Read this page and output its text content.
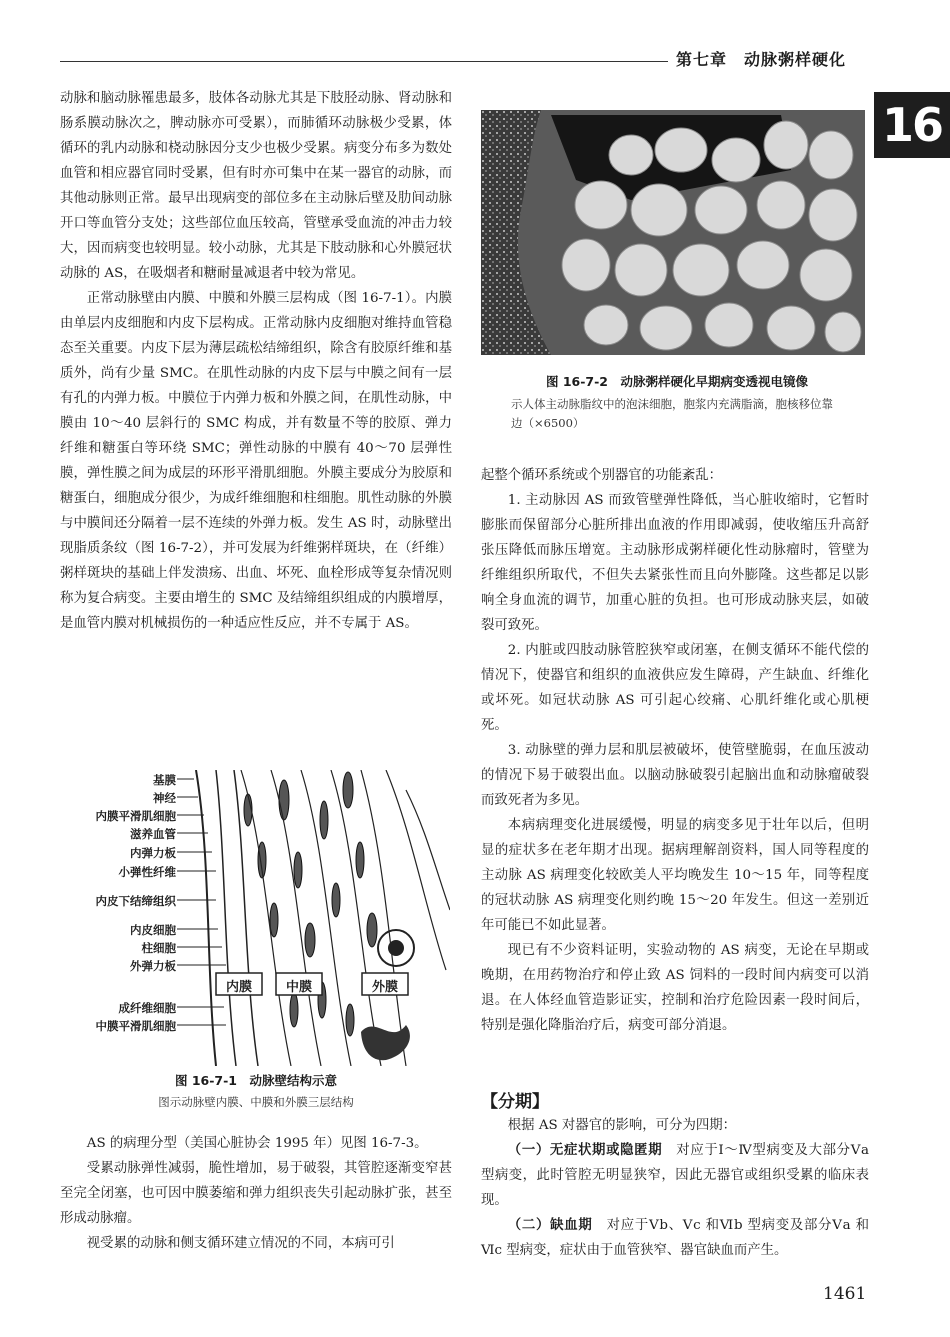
第七章　动脉粥样硬化
16

动脉和脑动脉罹患最多，肢体各动脉尤其是下肢胫动脉、肾动脉和肠系膜动脉次之，脾动脉亦可受累），而肺循环动脉极少受累，体循环的乳内动脉和桡动脉因分支少也极少受累。病变分布多为数处血管和相应器官同时受累，但有时亦可集中在某一器官的动脉，而其他动脉则正常。最早出现病变的部位多在主动脉后壁及肋间动脉开口等血管分支处；这些部位血压较高，管壁承受血流的冲击力较大，因而病变也较明显。较小动脉，尤其是下肢动脉和心外膜冠状动脉的 AS，在吸烟者和糖耐量减退者中较为常见。

正常动脉壁由内膜、中膜和外膜三层构成（图 16-7-1）。内膜由单层内皮细胞和内皮下层构成。正常动脉内皮细胞对维持血管稳态至关重要。内皮下层为薄层疏松结缔组织，除含有胶原纤维和基质外，尚有少量 SMC。在肌性动脉的内皮下层与中膜之间有一层有孔的内弹力板。中膜位于内弹力板和外膜之间，在肌性动脉，中膜由 10～40 层斜行的 SMC 构成，并有数量不等的胶原、弹力纤维和糖蛋白等环绕 SMC；弹性动脉的中膜有 40～70 层弹性膜，弹性膜之间为成层的环形平滑肌细胞。外膜主要成分为胶原和糖蛋白，细胞成分很少，为成纤维细胞和柱细胞。肌性动脉的外膜与中膜间还分隔着一层不连续的外弹力板。发生 AS 时，动脉壁出现脂质条纹（图 16-7-2），并可发展为纤维粥样斑块，在（纤维）粥样斑块的基础上伴发溃疡、出血、坏死、血栓形成等复杂情况则称为复合病变。主要由增生的 SMC 及结缔组织组成的内膜增厚，是血管内膜对机械损伤的一种适应性反应，并不专属于 AS。

基膜
神经
内膜平滑肌细胞
滋养血管
内弹力板
小弹性纤维
内皮下结缔组织
内皮细胞
柱细胞
外弹力板
成纤维细胞
中膜平滑肌细胞
内膜	中膜	外膜
图 16-7-1　动脉壁结构示意
图示动脉壁内膜、中膜和外膜三层结构

AS 的病理分型（美国心脏协会 1995 年）见图 16-7-3。

受累动脉弹性减弱，脆性增加，易于破裂，其管腔逐渐变窄甚至完全闭塞，也可因中膜萎缩和弹力组织丧失引起动脉扩张，甚至形成动脉瘤。

视受累的动脉和侧支循环建立情况的不同，本病可引

图 16-7-2　动脉粥样硬化早期病变透视电镜像
示人体主动脉脂纹中的泡沫细胞，胞浆内充满脂滴，胞核移位靠边（×6500）

起整个循环系统或个别器官的功能紊乱：

1. 主动脉因 AS 而致管壁弹性降低，当心脏收缩时，它暂时膨胀而保留部分心脏所排出血液的作用即减弱，使收缩压升高舒张压降低而脉压增宽。主动脉形成粥样硬化性动脉瘤时，管壁为纤维组织所取代，不但失去紧张性而且向外膨隆。这些都足以影响全身血流的调节，加重心脏的负担。也可形成动脉夹层，如破裂可致死。

2. 内脏或四肢动脉管腔狭窄或闭塞，在侧支循环不能代偿的情况下，使器官和组织的血液供应发生障碍，产生缺血、纤维化或坏死。如冠状动脉 AS 可引起心绞痛、心肌纤维化或心肌梗死。

3. 动脉壁的弹力层和肌层被破坏，使管壁脆弱，在血压波动的情况下易于破裂出血。以脑动脉破裂引起脑出血和动脉瘤破裂而致死者为多见。

本病病理变化进展缓慢，明显的病变多见于壮年以后，但明显的症状多在老年期才出现。据病理解剖资料，国人同等程度的主动脉 AS 病理变化较欧美人平均晚发生 10～15 年，同等程度的冠状动脉 AS 病理变化则约晚 15～20 年发生。但这一差别近年可能已不如此显著。

现已有不少资料证明，实验动物的 AS 病变，无论在早期或晚期，在用药物治疗和停止致 AS 饲料的一段时间内病变可以消退。在人体经血管造影证实，控制和治疗危险因素一段时间后，特别是强化降脂治疗后，病变可部分消退。

【分期】

根据 AS 对器官的影响，可分为四期：

（一）无症状期或隐匿期　对应于Ⅰ～Ⅳ型病变及大部分Ⅴa 型病变，此时管腔无明显狭窄，因此无器官或组织受累的临床表现。

（二）缺血期　对应于Ⅴb、Ⅴc 和Ⅵb 型病变及部分Ⅴa 和Ⅵc 型病变，症状由于血管狭窄、器官缺血而产生。

1461
